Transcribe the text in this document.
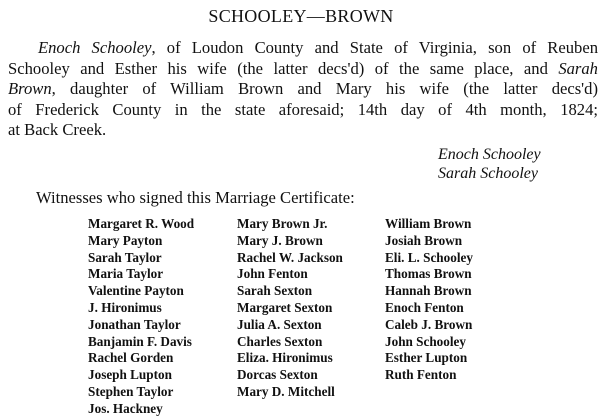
SCHOOLEY—BROWN
Enoch Schooley, of Loudon County and State of Virginia, son of Reuben
Schooley and Esther his wife (the latter decs'd) of the same place, and Sarah
Brown, daughter of William Brown and Mary his wife (the latter decs'd)
of Frederick County in the state aforesaid; 14th day of 4th month, 1824;
at Back Creek.
Enoch Schooley
Sarah Schooley
Witnesses who signed this Marriage Certificate:
Margaret R. Wood
Mary Payton
Sarah Taylor
Maria Taylor
Valentine Payton
J. Hironimus
Jonathan Taylor
Banjamin F. Davis
Rachel Gorden
Joseph Lupton
Stephen Taylor
Jos. Hackney
Mary Brown Jr.
Mary J. Brown
Rachel W. Jackson
John Fenton
Sarah Sexton
Margaret Sexton
Julia A. Sexton
Charles Sexton
Eliza. Hironimus
Dorcas Sexton
Mary D. Mitchell
William Brown
Josiah Brown
Eli. L. Schooley
Thomas Brown
Hannah Brown
Enoch Fenton
Caleb J. Brown
John Schooley
Esther Lupton
Ruth Fenton
